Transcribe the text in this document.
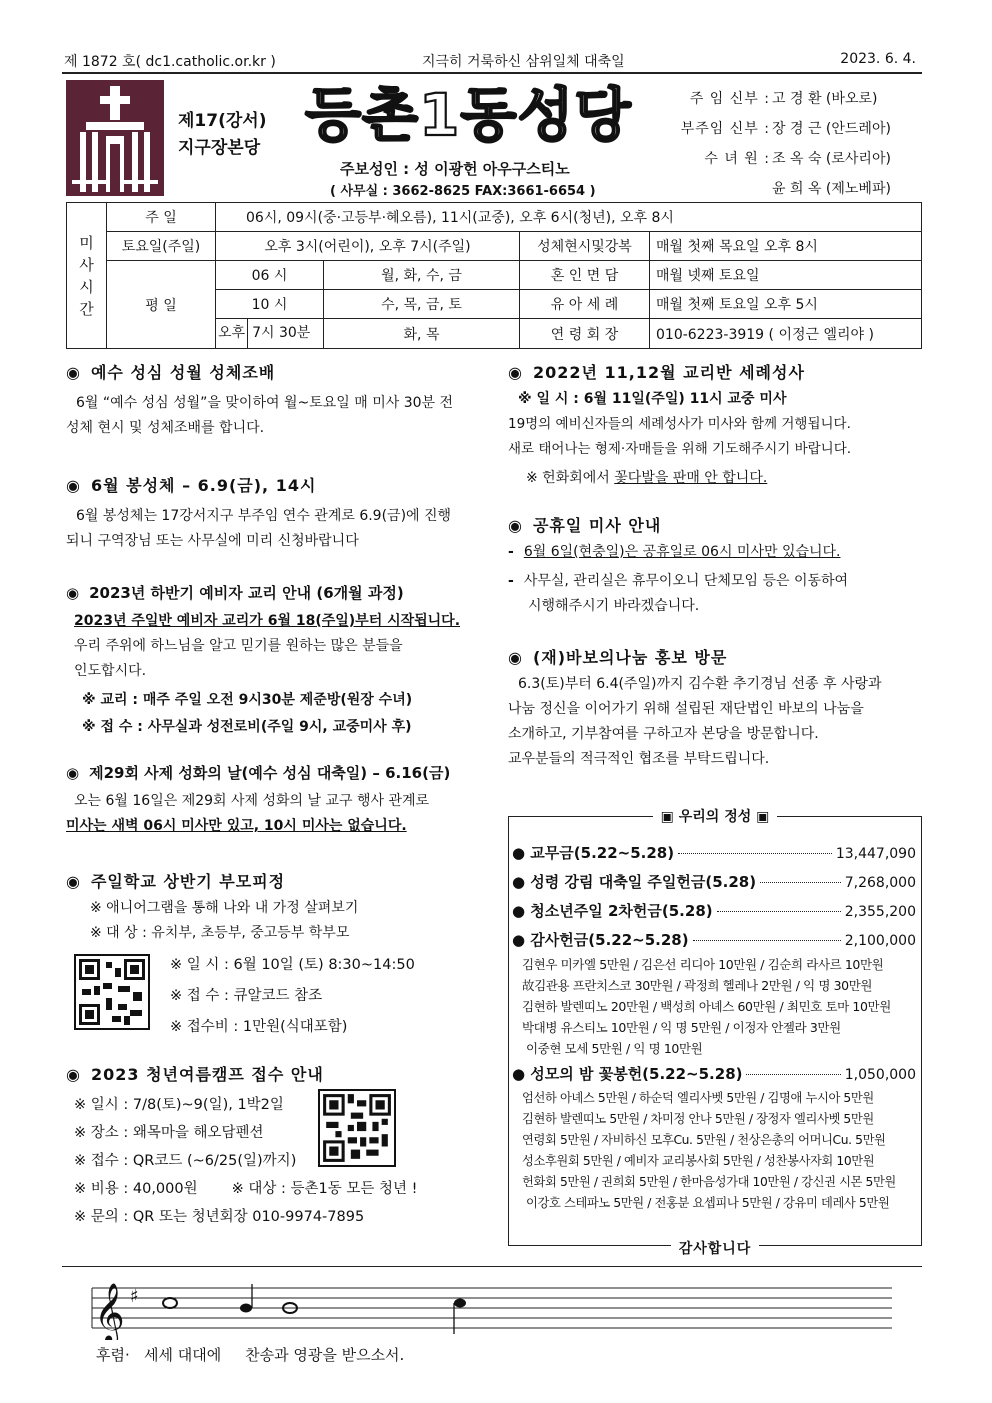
제 1872 호( dc1.catholic.or.kr )	지극히 거룩하신 삼위일체 대축일	2023. 6. 4.
제17(강서)
지구장본당 등촌1동성당
주보성인 : 성 이광헌 아우구스티노
( 사무실 : 3662-8625 FAX:3661-6654 )
주 임 신부 : 고 경 환 (바오로)
부주임 신부 : 장 경 근 (안드레아)
수 녀 원 : 조 옥 숙 (로사리아)
윤 희 옥 (제노베파)
미사시간	주 일	06시, 09시(중·고등부·혜오름), 11시(교중), 오후 6시(청년), 오후 8시			
	토요일(주일)	오후 3시(어린이), 오후 7시(주일)		성체현시및강복	매월 첫째 목요일 오후 8시
	평 일	06 시	월, 화, 수, 금	혼 인 면 담	매월 넷째 토요일
		10 시	수, 목, 금, 토	유 아 세 례	매월 첫째 토요일 오후 5시
		오후 7시 30분	화, 목	연 령 회 장	010-6223-3919 ( 이정근 엘리야 )
◉ 예수 성심 성월 성체조배
6월 “예수 성심 성월”을 맞이하여 월~토요일 매 미사 30분 전
성체 현시 및 성체조배를 합니다.
◉ 6월 봉성체 – 6.9(금), 14시
6월 봉성체는 17강서지구 부주임 연수 관계로 6.9(금)에 진행
되니 구역장님 또는 사무실에 미리 신청바랍니다
◉ 2023년 하반기 예비자 교리 안내 (6개월 과정)
2023년 주일반 예비자 교리가 6월 18(주일)부터 시작됩니다.
우리 주위에 하느님을 알고 믿기를 원하는 많은 분들을
인도합시다.
※ 교리 : 매주 주일 오전 9시30분 제준방(원장 수녀)
※ 접 수 : 사무실과 성전로비(주일 9시, 교중미사 후)
◉ 제29회 사제 성화의 날(예수 성심 대축일) – 6.16(금)
오는 6월 16일은 제29회 사제 성화의 날 교구 행사 관계로
미사는 새벽 06시 미사만 있고, 10시 미사는 없습니다.
◉ 주일학교 상반기 부모피정
※ 애니어그램을 통해 나와 내 가정 살펴보기
※ 대 상 : 유치부, 초등부, 중고등부 학부모
※ 일 시 : 6월 10일 (토) 8:30~14:50
※ 접 수 : 큐알코드 참조
※ 접수비 : 1만원(식대포함)
◉ 2023 청년여름캠프 접수 안내
※ 일시 : 7/8(토)~9(일), 1박2일
※ 장소 : 왜목마을 해오담펜션
※ 접수 : QR코드 (~6/25(일)까지)
※ 비용 : 40,000원 ※ 대상 : 등촌1동 모든 청년 !
※ 문의 : QR 또는 청년회장 010-9974-7895
◉ 2022년 11,12월 교리반 세례성사
※ 일 시 : 6월 11일(주일) 11시 교중 미사
19명의 예비신자들의 세례성사가 미사와 함께 거행됩니다.
새로 태어나는 형제·자매들을 위해 기도해주시기 바랍니다.
※ 헌화회에서 꽃다발을 판매 안 합니다.
◉ 공휴일 미사 안내
- 6월 6일(현충일)은 공휴일로 06시 미사만 있습니다.
- 사무실, 관리실은 휴무이오니 단체모임 등은 이동하여
시행해주시기 바라겠습니다.
◉ (재)바보의나눔 홍보 방문
6.3(토)부터 6.4(주일)까지 김수환 추기경님 선종 후 사랑과
나눔 정신을 이어가기 위해 설립된 재단법인 바보의 나눔을
소개하고, 기부참여를 구하고자 본당을 방문합니다.
교우분들의 적극적인 협조를 부탁드립니다.
▣ 우리의 정성 ▣
● 교무금(5.22~5.28)	13,447,090
● 성령 강림 대축일 주일헌금(5.28)	7,268,000
● 청소년주일 2차헌금(5.28)	2,355,200
● 감사헌금(5.22~5.28)	2,100,000
김현우 미카엘 5만원 / 김은선 리디아 10만원 / 김순희 라사르 10만원
故김관용 프란치스코 30만원 / 곽정희 헬레나 2만원 / 익 명 30만원
김현하 발렌띠노 20만원 / 백성희 아녜스 60만원 / 최민호 토마 10만원
박대병 유스티노 10만원 / 익 명 5만원 / 이정자 안젤라 3만원
이중현 모세 5만원 / 익 명 10만원
● 성모의 밤 꽃봉헌(5.22~5.28)	1,050,000
엄선하 아녜스 5만원 / 하순덕 엘리사벳 5만원 / 김명애 누시아 5만원
김현하 발렌띠노 5만원 / 차미정 안나 5만원 / 장정자 엘리사벳 5만원
연령회 5만원 / 자비하신 모후Cu. 5만원 / 천상은총의 어머니Cu. 5만원
성소후원회 5만원 / 예비자 교리봉사회 5만원 / 성찬봉사자회 10만원
헌화회 5만원 / 권희회 5만원 / 한마음성가대 10만원 / 강신권 시몬 5만원
이강호 스테파노 5만원 / 전홍분 요셉피나 5만원 / 강유미 데레사 5만원
감사합니다
𝄞 ♯
후렴·   세세 대대에     찬송과 영광을 받으소서.
